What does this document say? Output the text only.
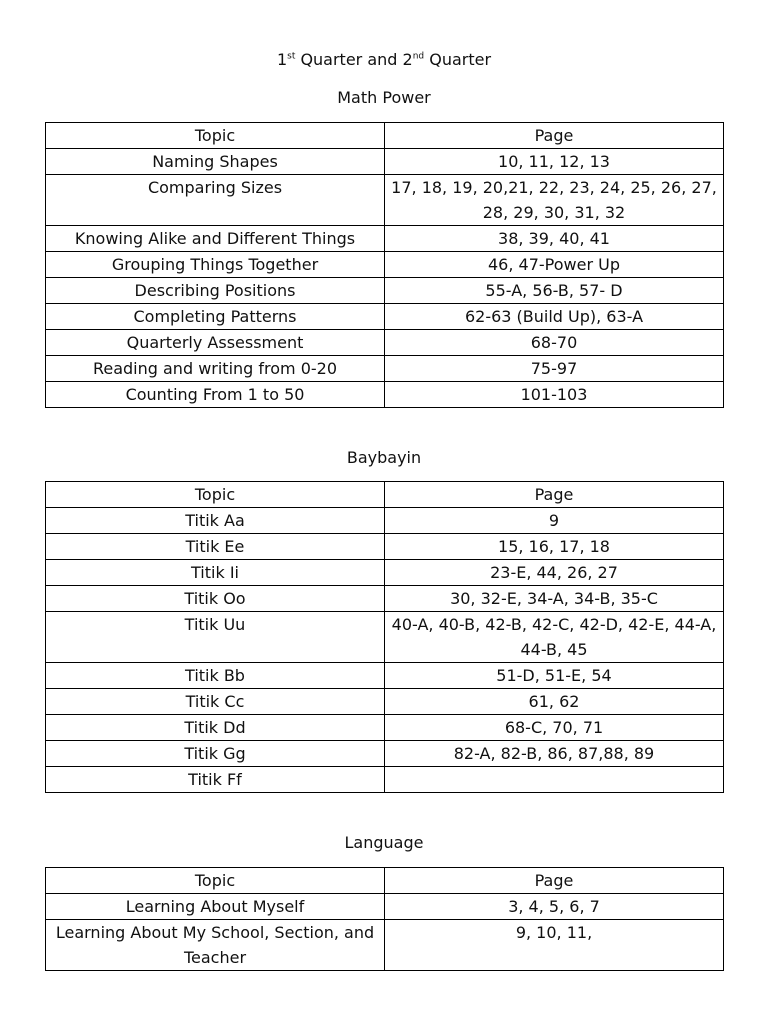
1st Quarter and 2nd Quarter
Math Power
Topic	Page
Naming Shapes	10, 11, 12, 13
Comparing Sizes	17, 18, 19, 20,21, 22, 23, 24, 25, 26, 27, 28, 29, 30, 31, 32
Knowing Alike and Different Things	38, 39, 40, 41
Grouping Things Together	46, 47-Power Up
Describing Positions	55-A, 56-B, 57- D
Completing Patterns	62-63 (Build Up), 63-A
Quarterly Assessment	68-70
Reading and writing from 0-20	75-97
Counting From 1 to 50	101-103
Baybayin
Topic	Page
Titik Aa	9
Titik Ee	15, 16, 17, 18
Titik Ii	23-E, 44, 26, 27
Titik Oo	30, 32-E, 34-A, 34-B, 35-C
Titik Uu	40-A, 40-B, 42-B, 42-C, 42-D, 42-E, 44-A, 44-B, 45
Titik Bb	51-D, 51-E, 54
Titik Cc	61, 62
Titik Dd	68-C, 70, 71
Titik Gg	82-A, 82-B, 86, 87,88, 89
Titik Ff	
Language
Topic	Page
Learning About Myself	3, 4, 5, 6, 7
Learning About My School, Section, and Teacher	9, 10, 11,
